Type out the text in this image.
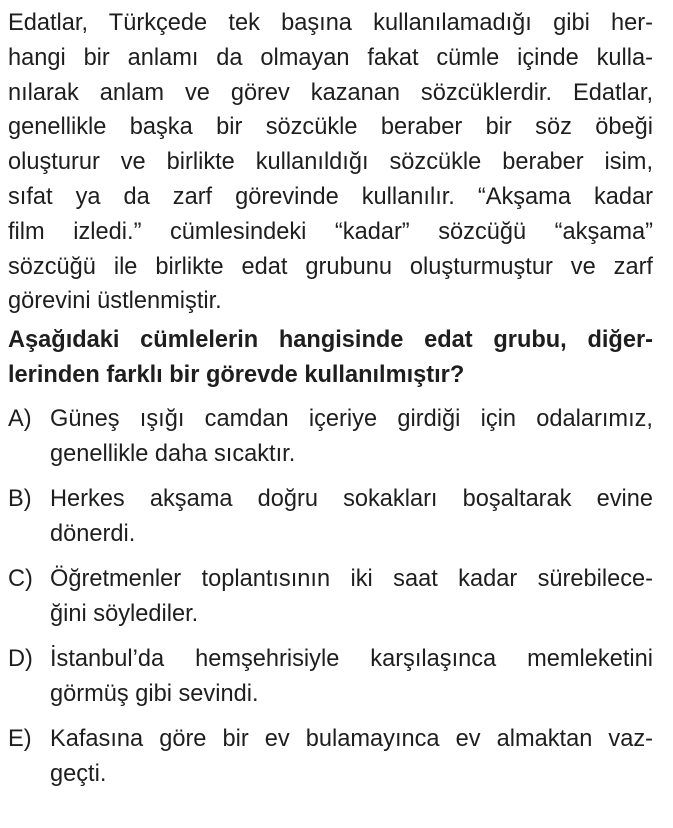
Edatlar, Türkçede tek başına kullanılamadığı gibi her-
hangi bir anlamı da olmayan fakat cümle içinde kulla-
nılarak anlam ve görev kazanan sözcüklerdir. Edatlar,
genellikle başka bir sözcükle beraber bir söz öbeği
oluşturur ve birlikte kullanıldığı sözcükle beraber isim,
sıfat ya da zarf görevinde kullanılır. “Akşama kadar
film izledi.” cümlesindeki “kadar” sözcüğü “akşama”
sözcüğü ile birlikte edat grubunu oluşturmuştur ve zarf
görevini üstlenmiştir.
Aşağıdaki cümlelerin hangisinde edat grubu, diğer-
lerinden farklı bir görevde kullanılmıştır?
A) Güneş ışığı camdan içeriye girdiği için odalarımız,
genellikle daha sıcaktır.
B) Herkes akşama doğru sokakları boşaltarak evine
dönerdi.
C) Öğretmenler toplantısının iki saat kadar sürebilece-
ğini söylediler.
D) İstanbul’da hemşehrisiyle karşılaşınca memleketini
görmüş gibi sevindi.
E) Kafasına göre bir ev bulamayınca ev almaktan vaz-
geçti.
